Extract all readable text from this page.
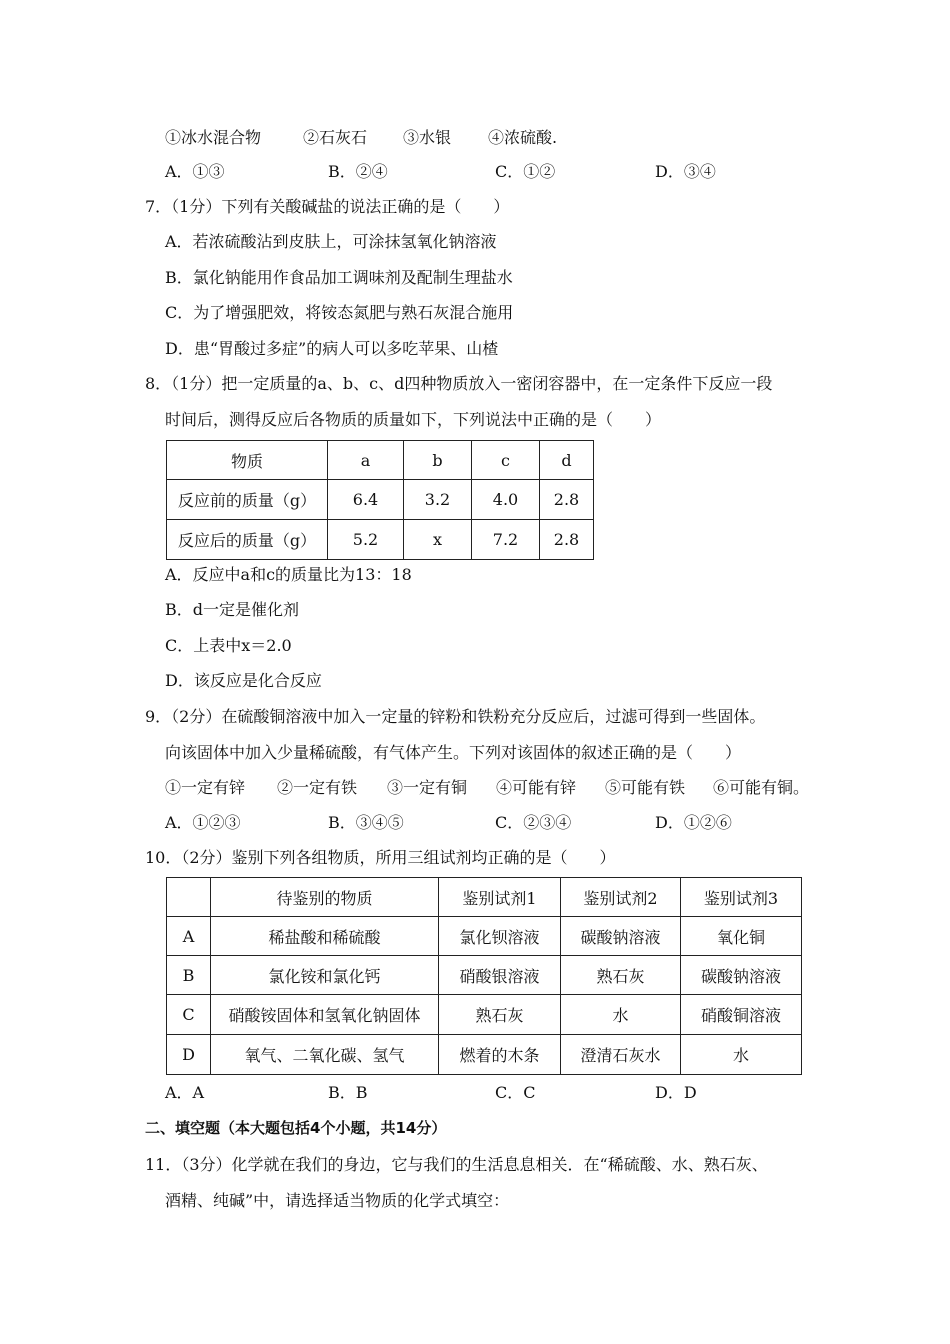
①冰水混合物	②石灰石 ③水银 ④浓硫酸.
A．①③	B．②④	C．①②	D．③④
7．（1分）下列有关酸碱盐的说法正确的是（　　）
A．若浓硫酸沾到皮肤上，可涂抹氢氧化钠溶液
B．氯化钠能用作食品加工调味剂及配制生理盐水
C．为了增强肥效，将铵态氮肥与熟石灰混合施用
D．患“胃酸过多症”的病人可以多吃苹果、山楂
8．（1分）把一定质量的a、b、c、d四种物质放入一密闭容器中，在一定条件下反应一段
时间后，测得反应后各物质的质量如下，下列说法中正确的是（　　）
物质	a	b	c	d
反应前的质量（g）	6.4	3.2	4.0	2.8
反应后的质量（g）	5.2	x	7.2	2.8
A．反应中a和c的质量比为13：18
B．d一定是催化剂
C．上表中x＝2.0
D．该反应是化合反应
9．（2分）在硫酸铜溶液中加入一定量的锌粉和铁粉充分反应后，过滤可得到一些固体。
向该固体中加入少量稀硫酸，有气体产生。下列对该固体的叙述正确的是（　　）
①一定有锌 ②一定有铁 ③一定有铜 ④可能有锌 ⑤可能有铁 ⑥可能有铜。
A．①②③	B．③④⑤	C．②③④	D．①②⑥
10．（2分）鉴别下列各组物质，所用三组试剂均正确的是（　　）
	待鉴别的物质	鉴别试剂1	鉴别试剂2	鉴别试剂3
A	稀盐酸和稀硫酸	氯化钡溶液	碳酸钠溶液	氧化铜
B	氯化铵和氯化钙	硝酸银溶液	熟石灰	碳酸钠溶液
C	硝酸铵固体和氢氧化钠固体	熟石灰	水	硝酸铜溶液
D	氧气、二氧化碳、氢气	燃着的木条	澄清石灰水	水
A．A	B．B	C．C	D．D
二、填空题（本大题包括4个小题，共14分）
11．（3分）化学就在我们的身边，它与我们的生活息息相关．在“稀硫酸、水、熟石灰、
酒精、纯碱”中，请选择适当物质的化学式填空：
